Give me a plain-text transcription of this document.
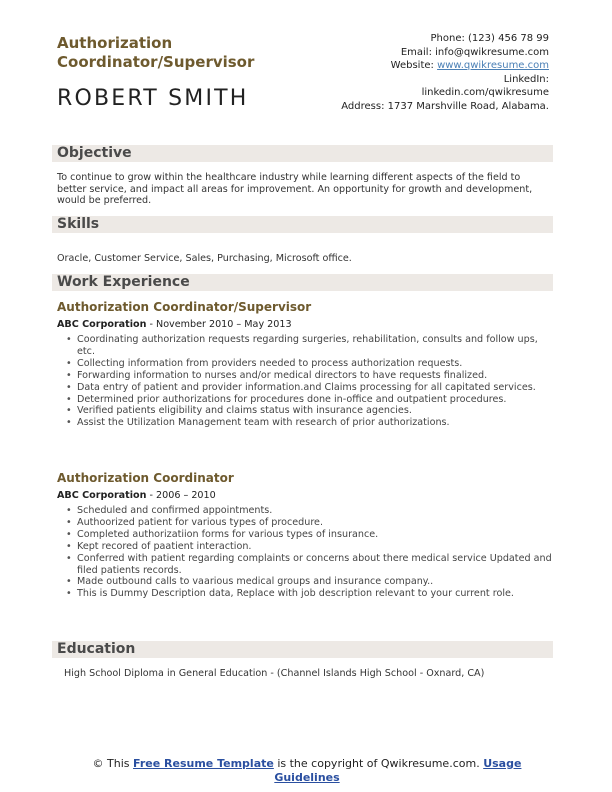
Authorization Coordinator/Supervisor
ROBERT SMITH
Phone: (123) 456 78 99
Email: info@qwikresume.com
Website: www.qwikresume.com
LinkedIn:
linkedin.com/qwikresume
Address: 1737 Marshville Road, Alabama.
Objective
To continue to grow within the healthcare industry while learning different aspects of the field to better service, and impact all areas for improvement. An opportunity for growth and development, would be preferred.
Skills
Oracle, Customer Service, Sales, Purchasing, Microsoft office.
Work Experience
Authorization Coordinator/Supervisor
ABC Corporation - November 2010 – May 2013
• Coordinating authorization requests regarding surgeries, rehabilitation, consults and follow ups, etc.
• Collecting information from providers needed to process authorization requests.
• Forwarding information to nurses and/or medical directors to have requests finalized.
• Data entry of patient and provider information.and Claims processing for all capitated services.
• Determined prior authorizations for procedures done in-office and outpatient procedures.
• Verified patients eligibility and claims status with insurance agencies.
• Assist the Utilization Management team with research of prior authorizations.
Authorization Coordinator
ABC Corporation - 2006 – 2010
• Scheduled and confirmed appointments.
• Authoorized patient for various types of procedure.
• Completed authorizatiion forms for various types of insurance.
• Kept recored of paatient interaction.
• Conferred with patient regarding complaints or concerns about there medical service Updated and filed patients records.
• Made outbound calls to vaarious medical groups and insurance company..
• This is Dummy Description data, Replace with job description relevant to your current role.
Education
High School Diploma in General Education - (Channel Islands High School - Oxnard, CA)
© This Free Resume Template is the copyright of Qwikresume.com. Usage Guidelines
